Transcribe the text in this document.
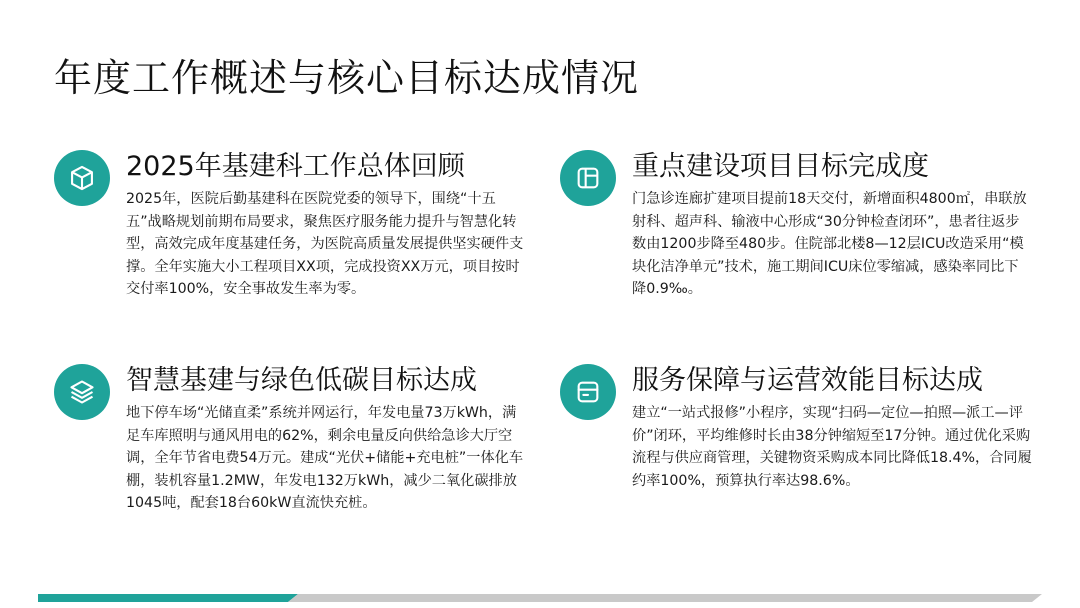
年度工作概述与核心目标达成情况
2025年基建科工作总体回顾
2025年，医院后勤基建科在医院党委的领导下，围绕“十五五”战略规划前期布局要求，聚焦医疗服务能力提升与智慧化转型，高效完成年度基建任务，为医院高质量发展提供坚实硬件支撑。全年实施大小工程项目XX项，完成投资XX万元，项目按时交付率100%，安全事故发生率为零。
重点建设项目目标完成度
门急诊连廊扩建项目提前18天交付，新增面积4800㎡，串联放射科、超声科、输液中心形成“30分钟检查闭环”，患者往返步数由1200步降至480步。住院部北楼8—12层ICU改造采用“模块化洁净单元”技术，施工期间ICU床位零缩减，感染率同比下降0.9‰。
智慧基建与绿色低碳目标达成
地下停车场“光储直柔”系统并网运行，年发电量73万kWh，满足车库照明与通风用电的62%，剩余电量反向供给急诊大厅空调，全年节省电费54万元。建成“光伏+储能+充电桩”一体化车棚，装机容量1.2MW，年发电132万kWh，减少二氧化碳排放1045吨，配套18台60kW直流快充桩。
服务保障与运营效能目标达成
建立“一站式报修”小程序，实现“扫码—定位—拍照—派工—评价”闭环，平均维修时长由38分钟缩短至17分钟。通过优化采购流程与供应商管理，关键物资采购成本同比降低18.4%，合同履约率100%，预算执行率达98.6%。
